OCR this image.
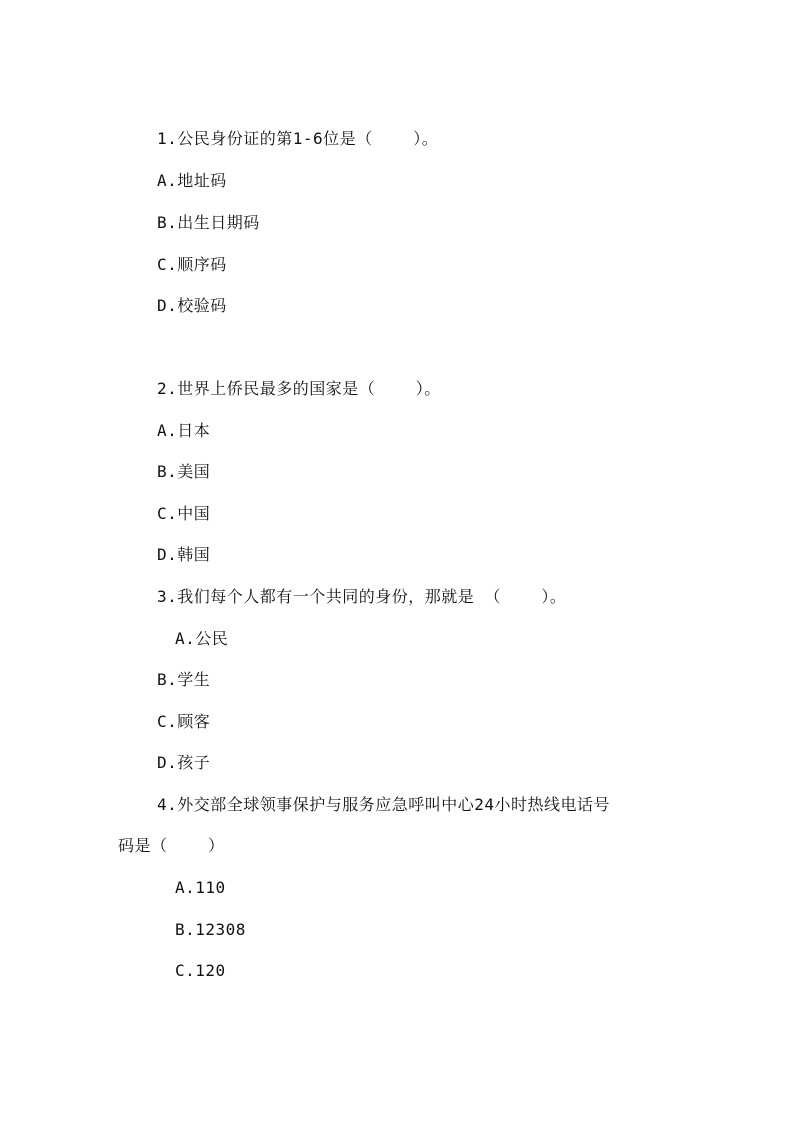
1.公民身份证的第1-6位是（    ）。
A.地址码
B.出生日期码
C.顺序码
D.校验码
2.世界上侨民最多的国家是（    ）。
A.日本
B.美国
C.中国
D.韩国
3.我们每个人都有一个共同的身份，那就是 （    ）。
A.公民
B.学生
C.顾客
D.孩子
4.外交部全球领事保护与服务应急呼叫中心24小时热线电话号
码是（    ）
A.110
B.12308
C.120
